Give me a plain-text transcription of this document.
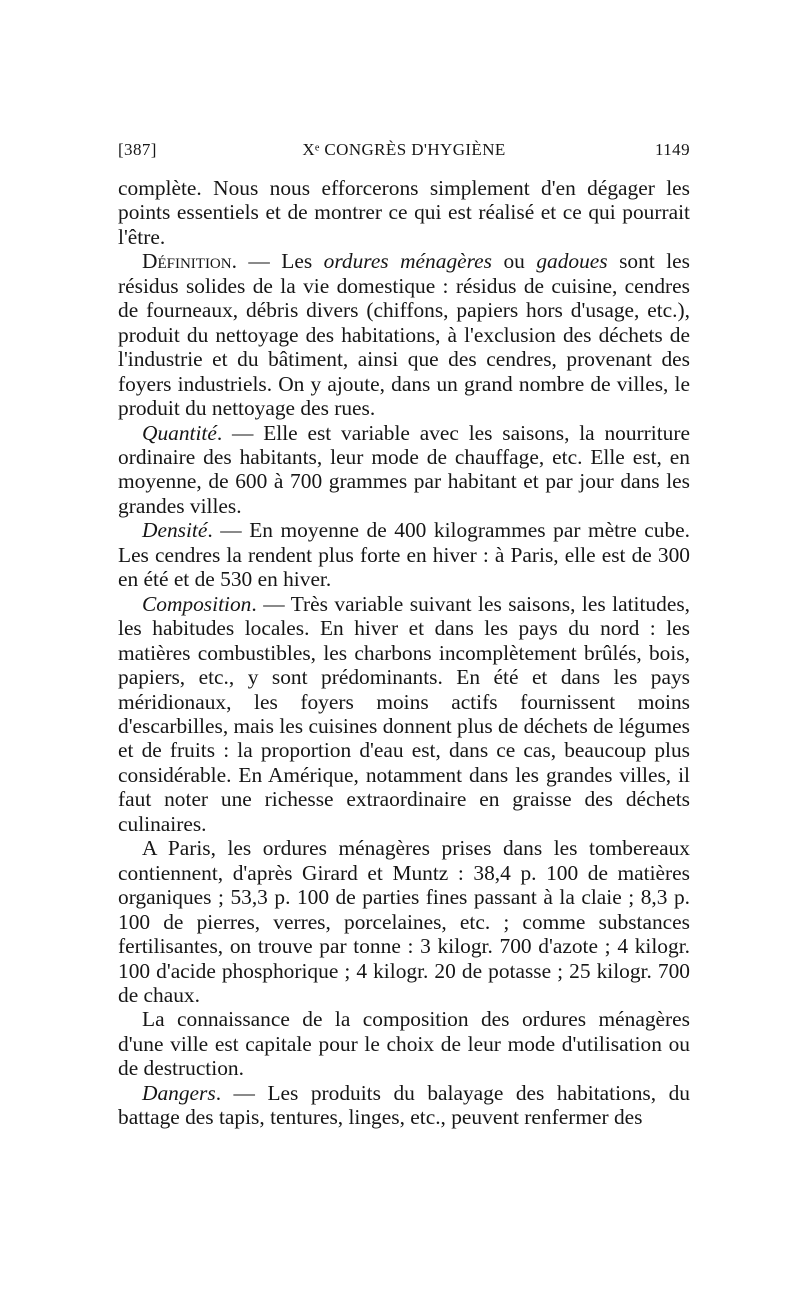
[387]	Xᵉ CONGRÈS D'HYGIÈNE	1149

complète. Nous nous efforcerons simplement d'en dégager les points essentiels et de montrer ce qui est réalisé et ce qui pourrait l'être.

Définition. — Les ordures ménagères ou gadoues sont les résidus solides de la vie domestique : résidus de cuisine, cendres de fourneaux, débris divers (chiffons, papiers hors d'usage, etc.), produit du nettoyage des habitations, à l'exclusion des déchets de l'industrie et du bâtiment, ainsi que des cendres, provenant des foyers industriels. On y ajoute, dans un grand nombre de villes, le produit du nettoyage des rues.

Quantité. — Elle est variable avec les saisons, la nourriture ordinaire des habitants, leur mode de chauffage, etc. Elle est, en moyenne, de 600 à 700 grammes par habitant et par jour dans les grandes villes.

Densité. — En moyenne de 400 kilogrammes par mètre cube. Les cendres la rendent plus forte en hiver : à Paris, elle est de 300 en été et de 530 en hiver.

Composition. — Très variable suivant les saisons, les latitudes, les habitudes locales. En hiver et dans les pays du nord : les matières combustibles, les charbons incomplètement brûlés, bois, papiers, etc., y sont prédominants. En été et dans les pays méridionaux, les foyers moins actifs fournissent moins d'escarbilles, mais les cuisines donnent plus de déchets de légumes et de fruits : la proportion d'eau est, dans ce cas, beaucoup plus considérable. En Amérique, notamment dans les grandes villes, il faut noter une richesse extraordinaire en graisse des déchets culinaires.

A Paris, les ordures ménagères prises dans les tombereaux contiennent, d'après Girard et Muntz : 38,4 p. 100 de matières organiques ; 53,3 p. 100 de parties fines passant à la claie ; 8,3 p. 100 de pierres, verres, porcelaines, etc. ; comme substances fertilisantes, on trouve par tonne : 3 kilogr. 700 d'azote ; 4 kilogr. 100 d'acide phosphorique ; 4 kilogr. 20 de potasse ; 25 kilogr. 700 de chaux.

La connaissance de la composition des ordures ménagères d'une ville est capitale pour le choix de leur mode d'utilisation ou de destruction.

Dangers. — Les produits du balayage des habitations, du battage des tapis, tentures, linges, etc., peuvent renfermer des
